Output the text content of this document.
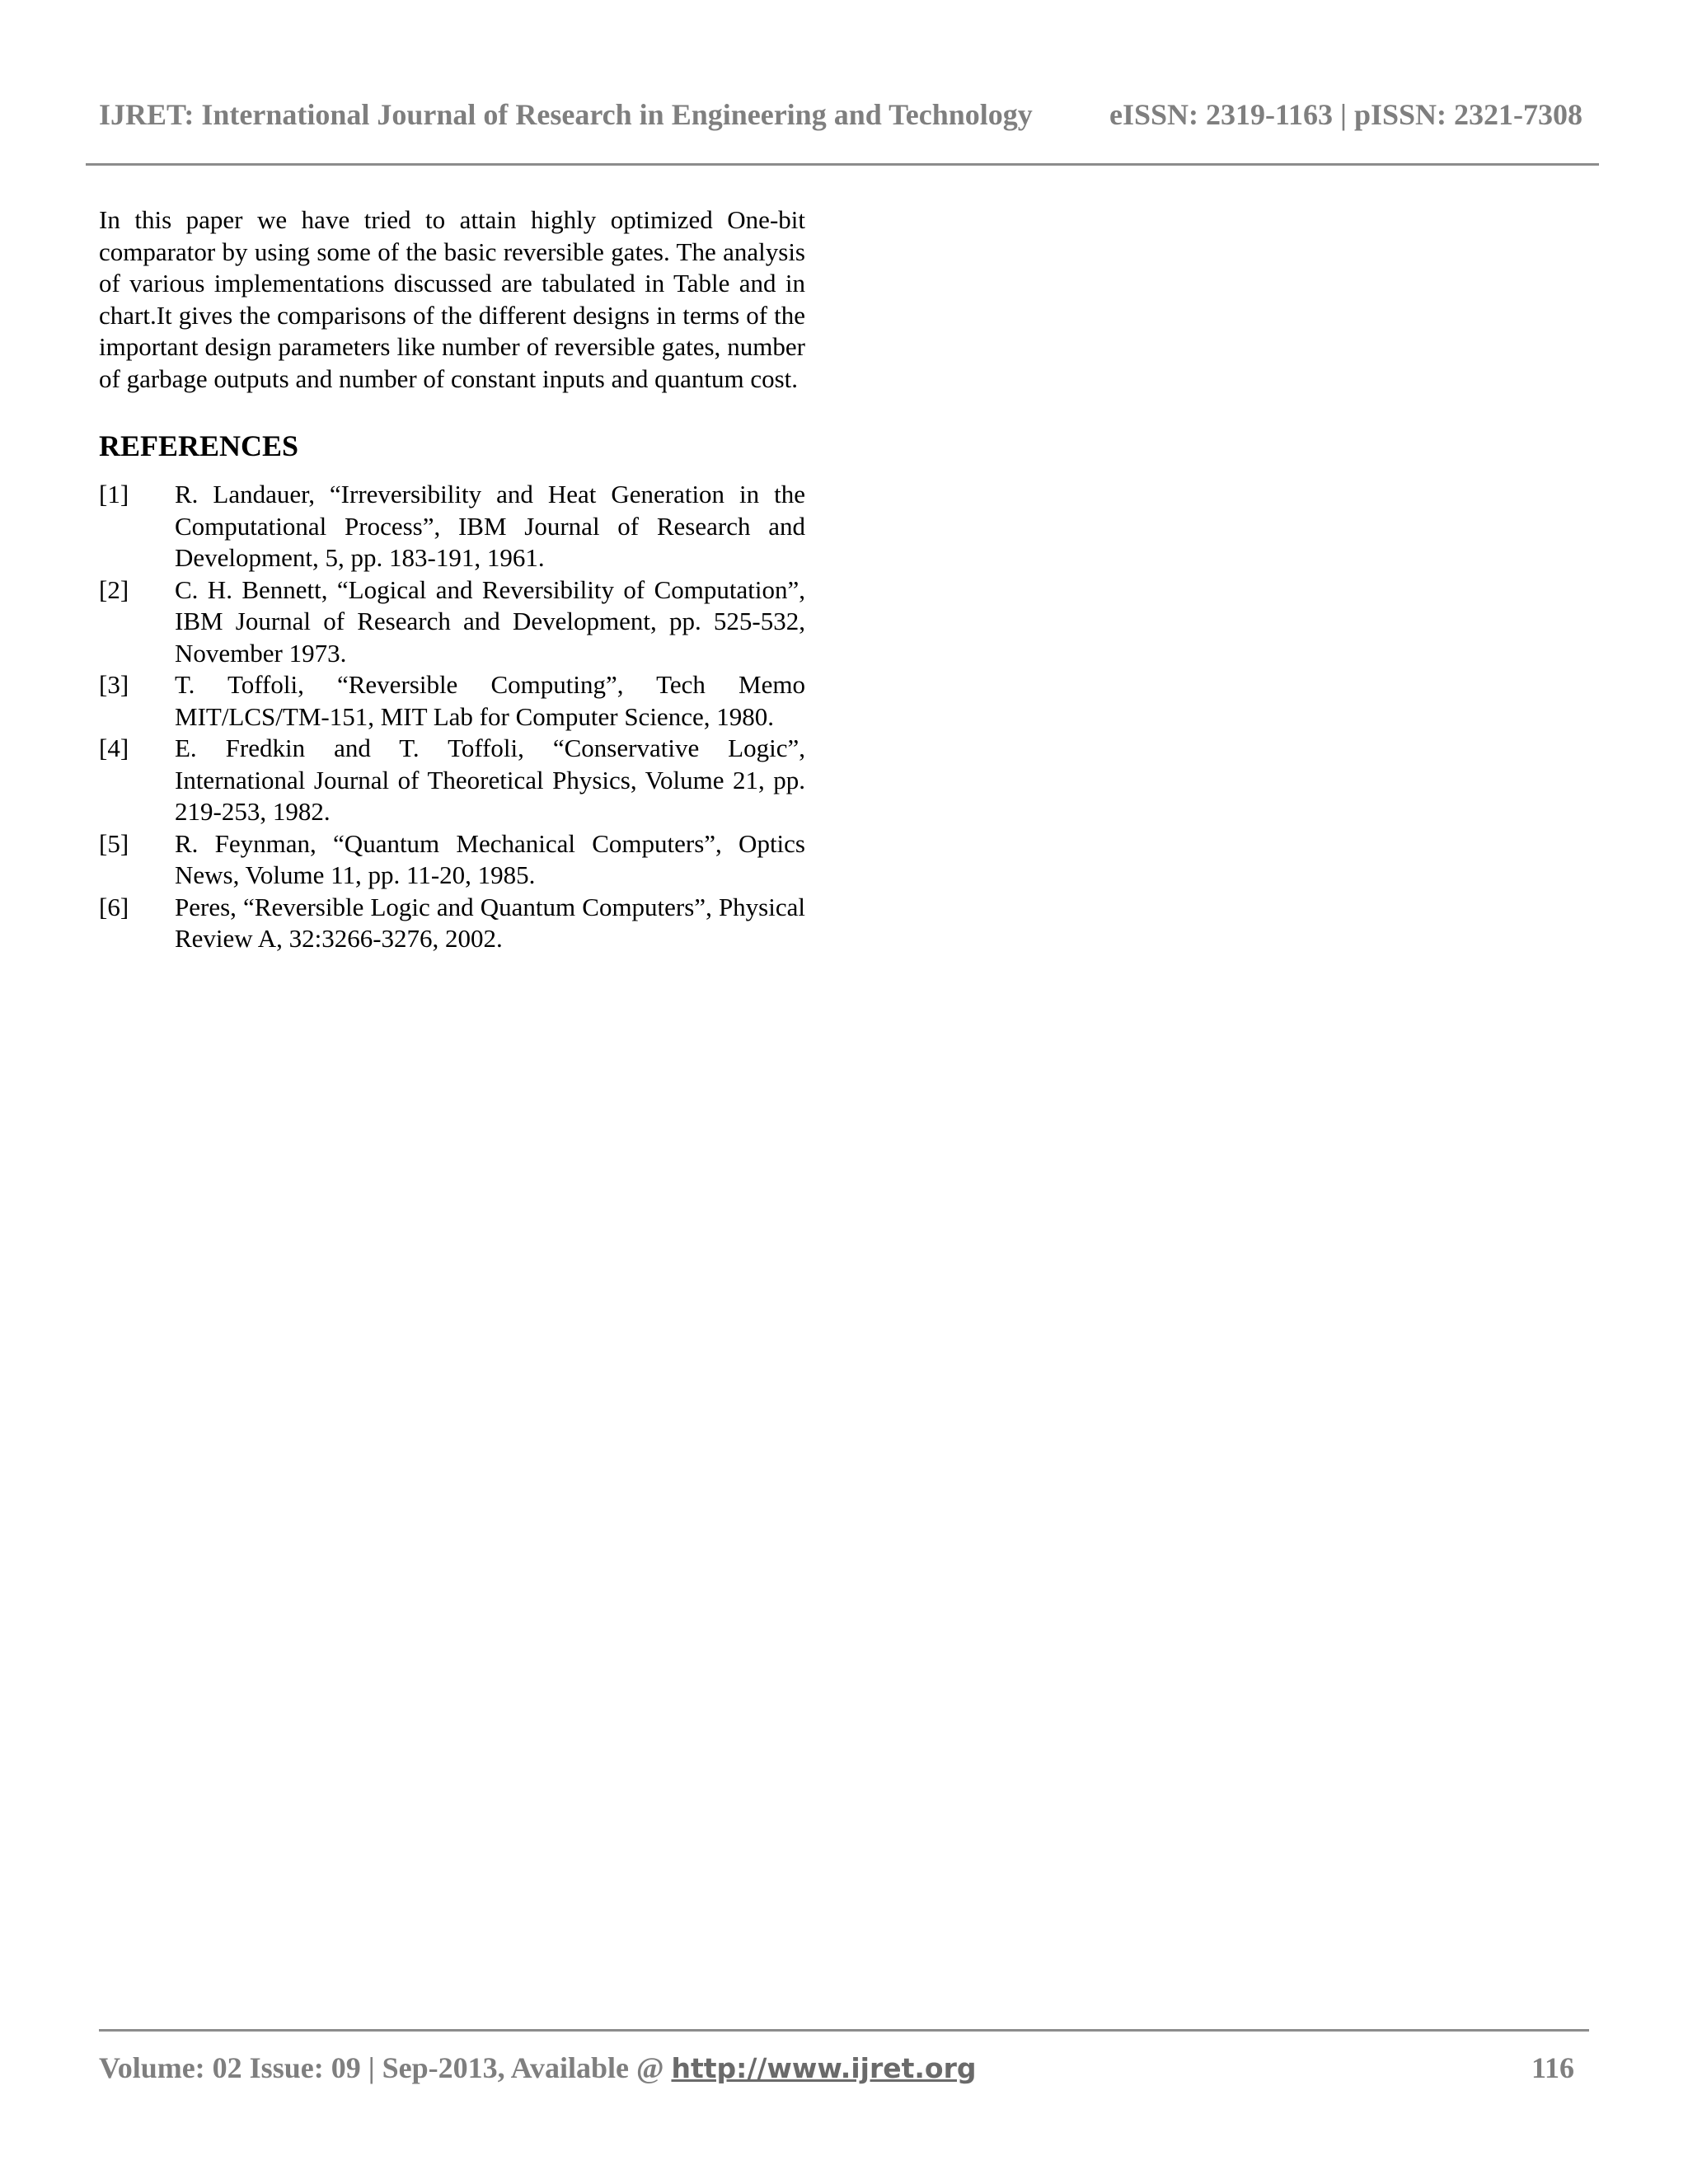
IJRET: International Journal of Research in Engineering and Technology	eISSN: 2319-1163 | pISSN: 2321-7308

In this paper we have tried to attain highly optimized One-bit comparator by using some of the basic reversible gates. The analysis of various implementations discussed are tabulated in Table and in chart.It gives the comparisons of the different designs in terms of the important design parameters like number of reversible gates, number of garbage outputs and number of constant inputs and quantum cost.

REFERENCES
[1]	R. Landauer, “Irreversibility and Heat Generation in the Computational Process”, IBM Journal of Research and Development, 5, pp. 183-191, 1961.
[2]	C. H. Bennett, “Logical and Reversibility of Computation”, IBM Journal of Research and Development, pp. 525-532, November 1973.
[3]	T. Toffoli, “Reversible Computing”, Tech Memo MIT/LCS/TM-151, MIT Lab for Computer Science, 1980.
[4]	E. Fredkin and T. Toffoli, “Conservative Logic”, International Journal of Theoretical Physics, Volume 21, pp. 219-253, 1982.
[5]	R. Feynman, “Quantum Mechanical Computers”, Optics News, Volume 11, pp. 11-20, 1985.
[6]	Peres, “Reversible Logic and Quantum Computers”, Physical Review A, 32:3266-3276, 2002.
Volume: 02 Issue: 09 | Sep-2013, Available @ http://www.ijret.org	116
